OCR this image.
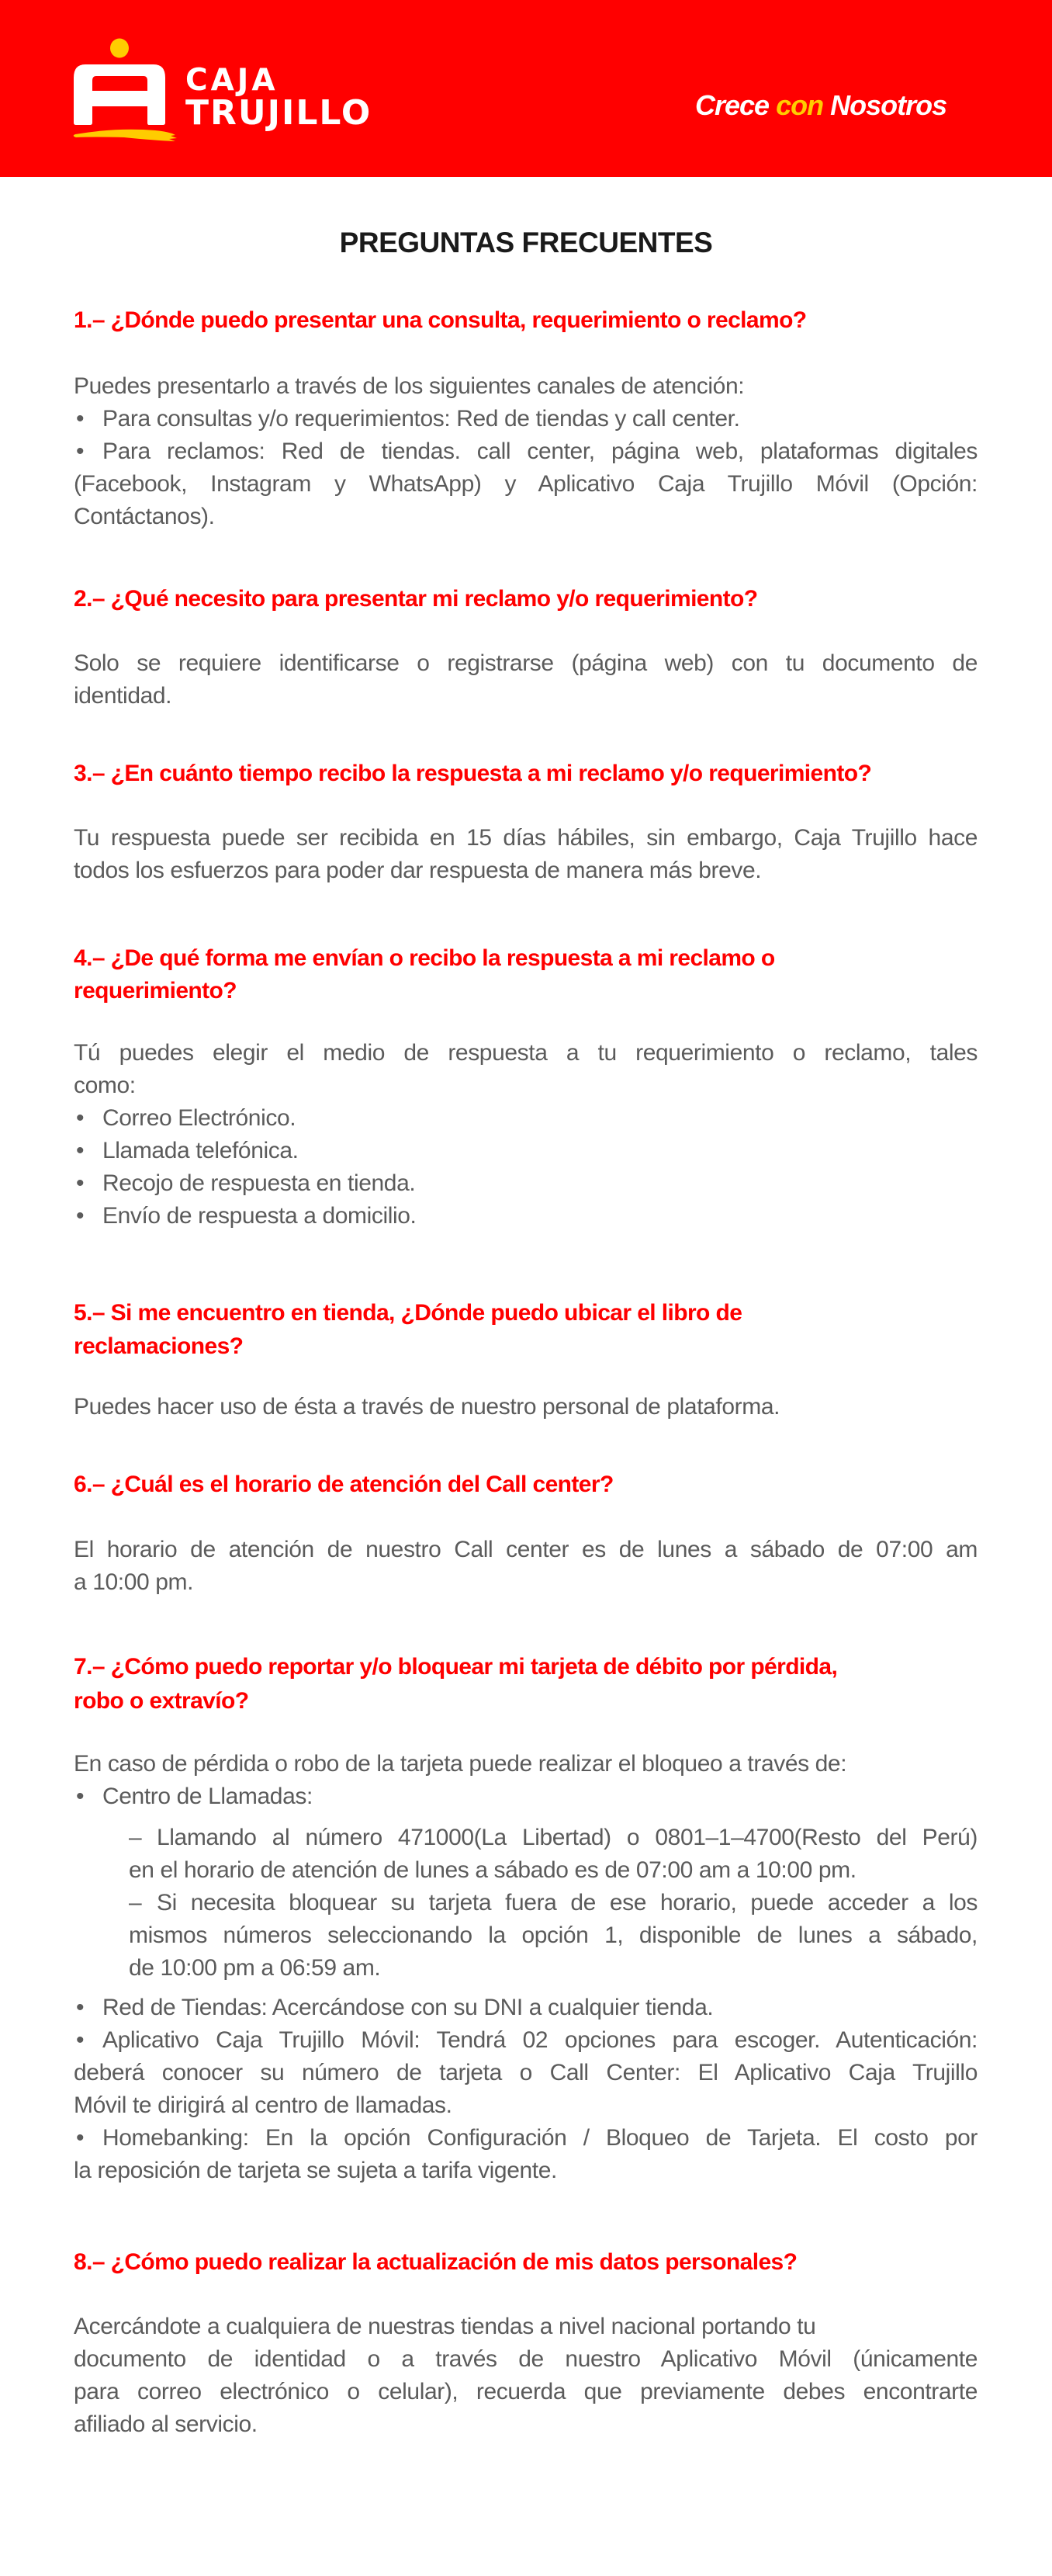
CAJA
TRUJILLO	Crece con Nosotros
PREGUNTAS FRECUENTES
1.– ¿Dónde puedo presentar una consulta, requerimiento o reclamo?
Puedes presentarlo a través de los siguientes canales de atención:
• Para consultas y/o requerimientos: Red de tiendas y call center.
• Para reclamos: Red de tiendas. call center, página web, plataformas digitales
(Facebook, Instagram y WhatsApp) y Aplicativo Caja Trujillo Móvil (Opción:
Contáctanos).
2.– ¿Qué necesito para presentar mi reclamo y/o requerimiento?
Solo se requiere identificarse o registrarse (página web) con tu documento de
identidad.
3.– ¿En cuánto tiempo recibo la respuesta a mi reclamo y/o requerimiento?
Tu respuesta puede ser recibida en 15 días hábiles, sin embargo, Caja Trujillo hace
todos los esfuerzos para poder dar respuesta de manera más breve.
4.– ¿De qué forma me envían o recibo la respuesta a mi reclamo o
requerimiento?
Tú puedes elegir el medio de respuesta a tu requerimiento o reclamo, tales
como:
• Correo Electrónico.
• Llamada telefónica.
• Recojo de respuesta en tienda.
• Envío de respuesta a domicilio.
5.– Si me encuentro en tienda, ¿Dónde puedo ubicar el libro de
reclamaciones?
Puedes hacer uso de ésta a través de nuestro personal de plataforma.
6.– ¿Cuál es el horario de atención del Call center?
El horario de atención de nuestro Call center es de lunes a sábado de 07:00 am
a 10:00 pm.
7.– ¿Cómo puedo reportar y/o bloquear mi tarjeta de débito por pérdida,
robo o extravío?
En caso de pérdida o robo de la tarjeta puede realizar el bloqueo a través de:
• Centro de Llamadas:
– Llamando al número 471000(La Libertad) o 0801–1–4700(Resto del Perú)
en el horario de atención de lunes a sábado es de 07:00 am a 10:00 pm.
– Si necesita bloquear su tarjeta fuera de ese horario, puede acceder a los
mismos números seleccionando la opción 1, disponible de lunes a sábado,
de 10:00 pm a 06:59 am.
• Red de Tiendas: Acercándose con su DNI a cualquier tienda.
• Aplicativo Caja Trujillo Móvil: Tendrá 02 opciones para escoger. Autenticación:
deberá conocer su número de tarjeta o Call Center: El Aplicativo Caja Trujillo
Móvil te dirigirá al centro de llamadas.
• Homebanking: En la opción Configuración / Bloqueo de Tarjeta. El costo por
la reposición de tarjeta se sujeta a tarifa vigente.
8.– ¿Cómo puedo realizar la actualización de mis datos personales?
Acercándote a cualquiera de nuestras tiendas a nivel nacional portando tu
documento de identidad o a través de nuestro Aplicativo Móvil (únicamente
para correo electrónico o celular), recuerda que previamente debes encontrarte
afiliado al servicio.
